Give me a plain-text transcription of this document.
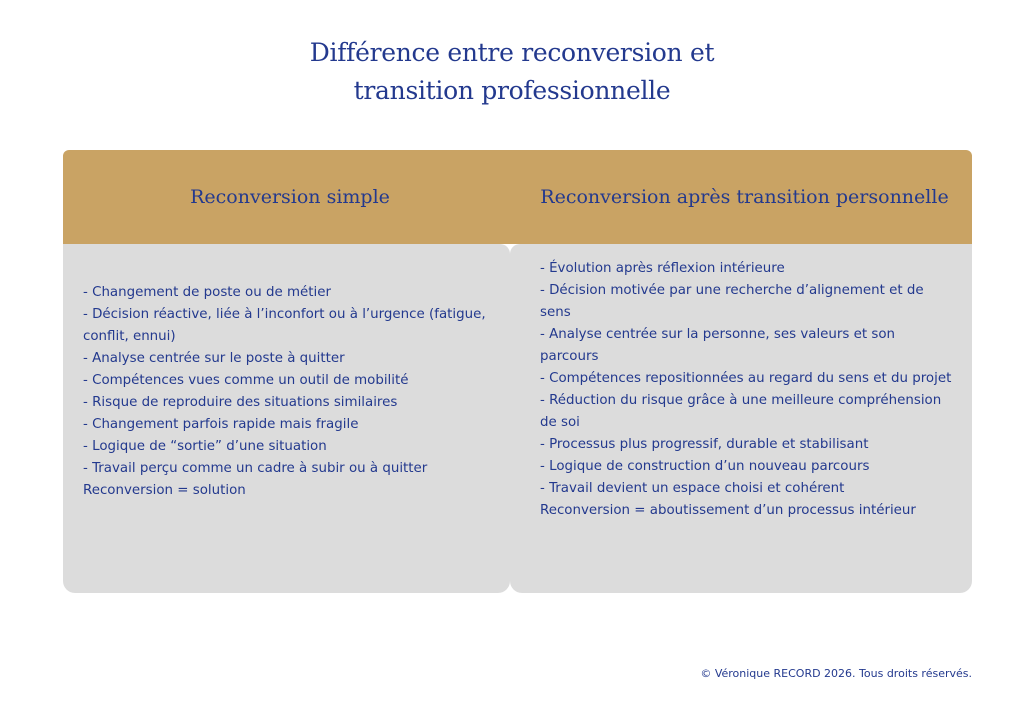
Différence entre reconversion et
transition professionnelle
Reconversion simple	Reconversion après transition personnelle
- Changement de poste ou de métier
- Décision réactive, liée à l’inconfort ou à l’urgence (fatigue, conflit, ennui)
- Analyse centrée sur le poste à quitter
- Compétences vues comme un outil de mobilité
- Risque de reproduire des situations similaires
- Changement parfois rapide mais fragile
- Logique de “sortie” d’une situation
- Travail perçu comme un cadre à subir ou à quitter
Reconversion = solution
- Évolution après réflexion intérieure
- Décision motivée par une recherche d’alignement et de sens
- Analyse centrée sur la personne, ses valeurs et son parcours
- Compétences repositionnées au regard du sens et du projet
- Réduction du risque grâce à une meilleure compréhension de soi
- Processus plus progressif, durable et stabilisant
- Logique de construction d’un nouveau parcours
- Travail devient un espace choisi et cohérent
Reconversion = aboutissement d’un processus intérieur
© Véronique RECORD 2026. Tous droits réservés.
